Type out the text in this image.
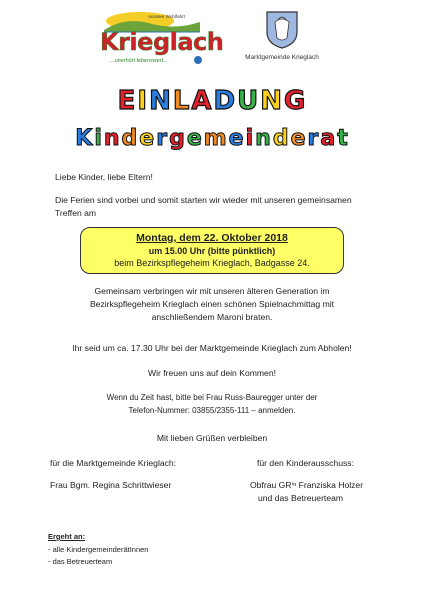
Ausseer Wohlfahrt
Krieglach
...unerhört lebenswert...	Marktgemeinde Krieglach
E I N L A D U N G
K i n d e r g e m e i n d e r a t
Liebe Kinder, liebe Eltern!
Die Ferien sind vorbei und somit starten wir wieder mit unseren gemeinsamen
Treffen am
Montag, dem 22. Oktober 2018
um 15.00 Uhr (bitte pünktlich)
beim Bezirkspflegeheim Krieglach, Badgasse 24.
Gemeinsam verbringen wir mit unseren älteren Generation im
Bezirkspflegeheim Krieglach einen schönen Spielnachmittag mit
anschließendem Maroni braten.
Ihr seid um ca. 17.30 Uhr bei der Marktgemeinde Krieglach zum Abholen!
Wir freuen uns auf dein Kommen!
Wenn du Zeit hast, bitte bei Frau Russ-Bauregger unter der
Telefon-Nummer: 03855/2355-111 – anmelden.
Mit lieben Grüßen verbleiben
für die Marktgemeinde Krieglach:
Frau Bgm. Regina Schrittwieser
für den Kinderausschuss:
Obfrau GRⁱⁿ Franziska Holzer
und das Betreuerteam
Ergeht an:
- alle KindergemeinderätInnen
- das Betreuerteam
